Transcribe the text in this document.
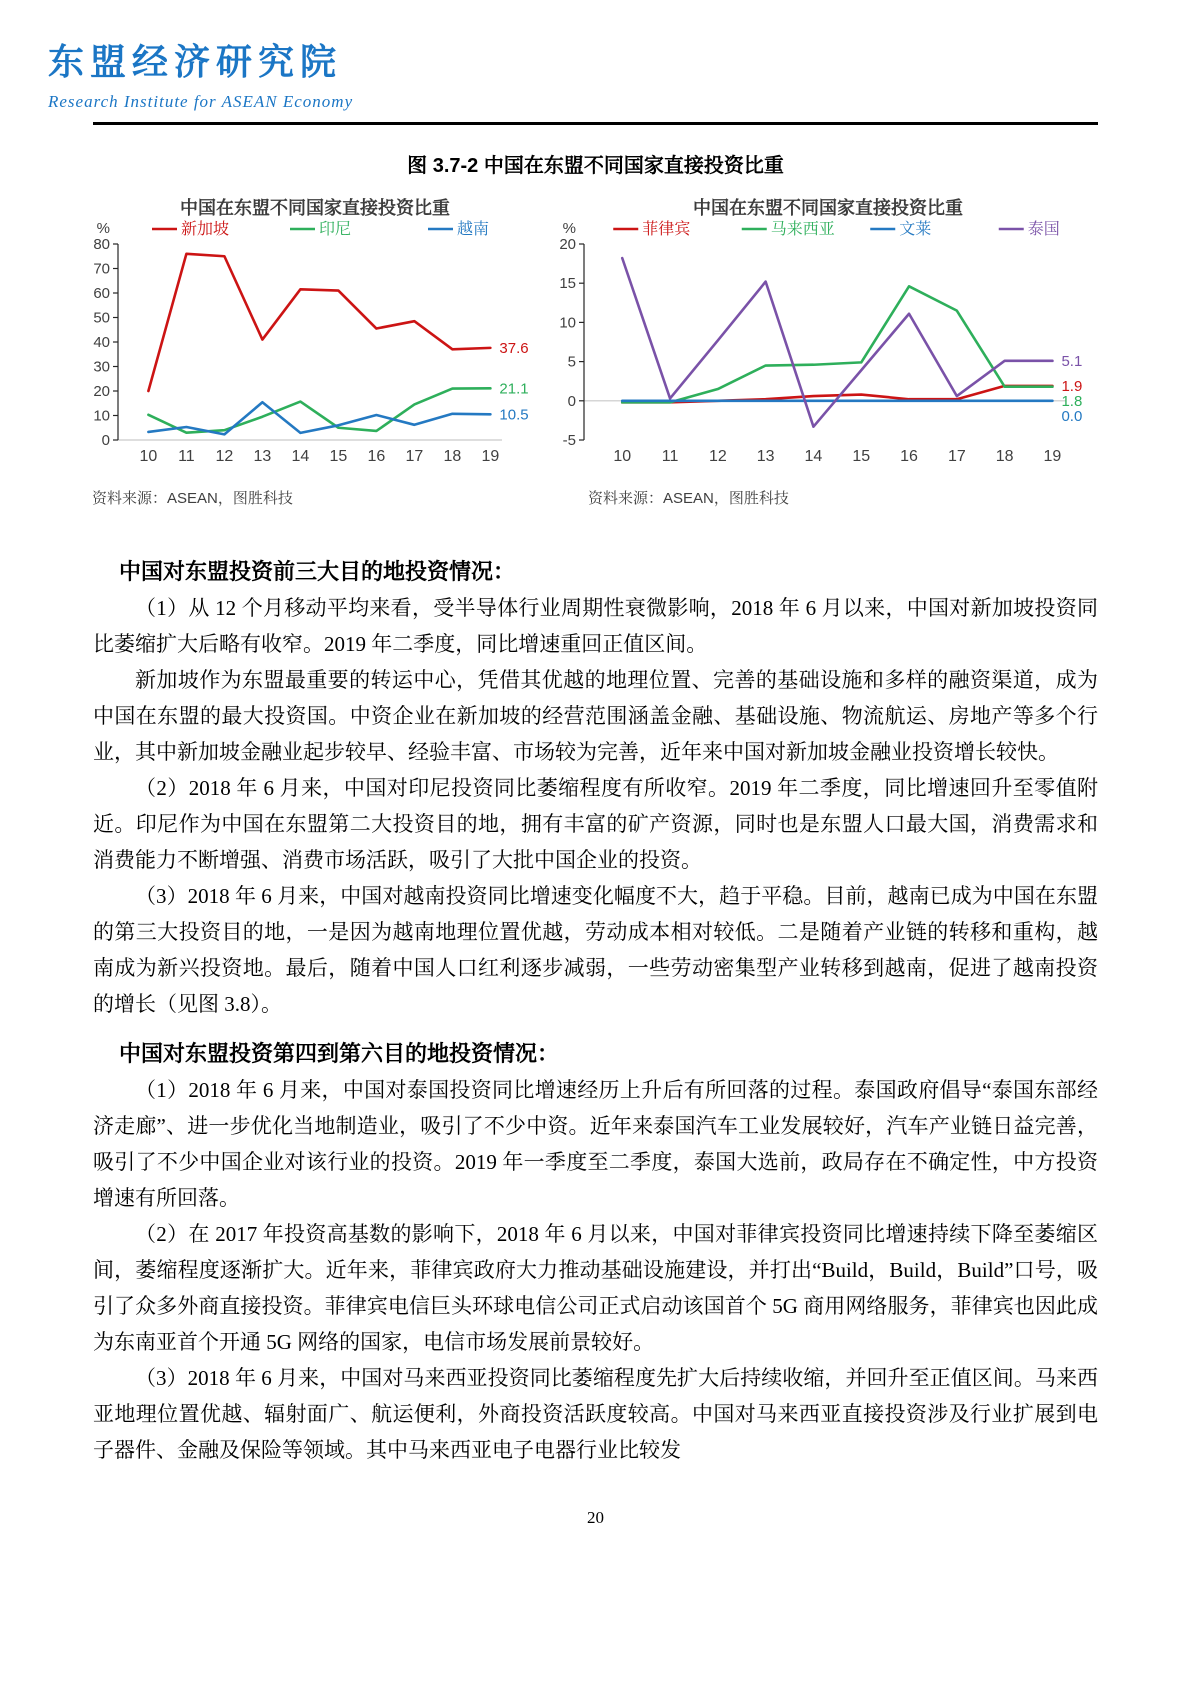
东盟经济研究院
Research Institute for ASEAN Economy
图 3.7-2 中国在东盟不同国家直接投资比重
中国在东盟不同国家直接投资比重
0
10
20
30
40
50
60
70
80
%
10 11 12 13 14 15 16 17 18 19
新加坡	印尼	越南
37.6
21.1
10.5
资料来源：ASEAN，图胜科技
中国在东盟不同国家直接投资比重
-5
0
5
10
15
20
%
10 11 12 13 14 15 16 17 18 19
菲律宾	马来西亚	文莱	泰国
5.1
1.9
1.8
0.0
资料来源：ASEAN，图胜科技
中国对东盟投资前三大目的地投资情况：

（1）从 12 个月移动平均来看，受半导体行业周期性衰微影响，2018 年 6 月以来，中国对新加坡投资同比萎缩扩大后略有收窄。2019 年二季度，同比增速重回正值区间。

新加坡作为东盟最重要的转运中心，凭借其优越的地理位置、完善的基础设施和多样的融资渠道，成为中国在东盟的最大投资国。中资企业在新加坡的经营范围涵盖金融、基础设施、物流航运、房地产等多个行业，其中新加坡金融业起步较早、经验丰富、市场较为完善，近年来中国对新加坡金融业投资增长较快。

（2）2018 年 6 月来，中国对印尼投资同比萎缩程度有所收窄。2019 年二季度，同比增速回升至零值附近。印尼作为中国在东盟第二大投资目的地，拥有丰富的矿产资源，同时也是东盟人口最大国，消费需求和消费能力不断增强、消费市场活跃，吸引了大批中国企业的投资。

（3）2018 年 6 月来，中国对越南投资同比增速变化幅度不大，趋于平稳。目前，越南已成为中国在东盟的第三大投资目的地，一是因为越南地理位置优越，劳动成本相对较低。二是随着产业链的转移和重构，越南成为新兴投资地。最后，随着中国人口红利逐步减弱，一些劳动密集型产业转移到越南，促进了越南投资的增长（见图 3.8）。

中国对东盟投资第四到第六目的地投资情况：

（1）2018 年 6 月来，中国对泰国投资同比增速经历上升后有所回落的过程。泰国政府倡导“泰国东部经济走廊”、进一步优化当地制造业，吸引了不少中资。近年来泰国汽车工业发展较好，汽车产业链日益完善，吸引了不少中国企业对该行业的投资。2019 年一季度至二季度，泰国大选前，政局存在不确定性，中方投资增速有所回落。

（2）在 2017 年投资高基数的影响下，2018 年 6 月以来，中国对菲律宾投资同比增速持续下降至萎缩区间，萎缩程度逐渐扩大。近年来，菲律宾政府大力推动基础设施建设，并打出“Build，Build，Build”口号，吸引了众多外商直接投资。菲律宾电信巨头环球电信公司正式启动该国首个 5G 商用网络服务，菲律宾也因此成为东南亚首个开通 5G 网络的国家，电信市场发展前景较好。

（3）2018 年 6 月来，中国对马来西亚投资同比萎缩程度先扩大后持续收缩，并回升至正值区间。马来西亚地理位置优越、辐射面广、航运便利，外商投资活跃度较高。中国对马来西亚直接投资涉及行业扩展到电子器件、金融及保险等领域。其中马来西亚电子电器行业比较发

20
